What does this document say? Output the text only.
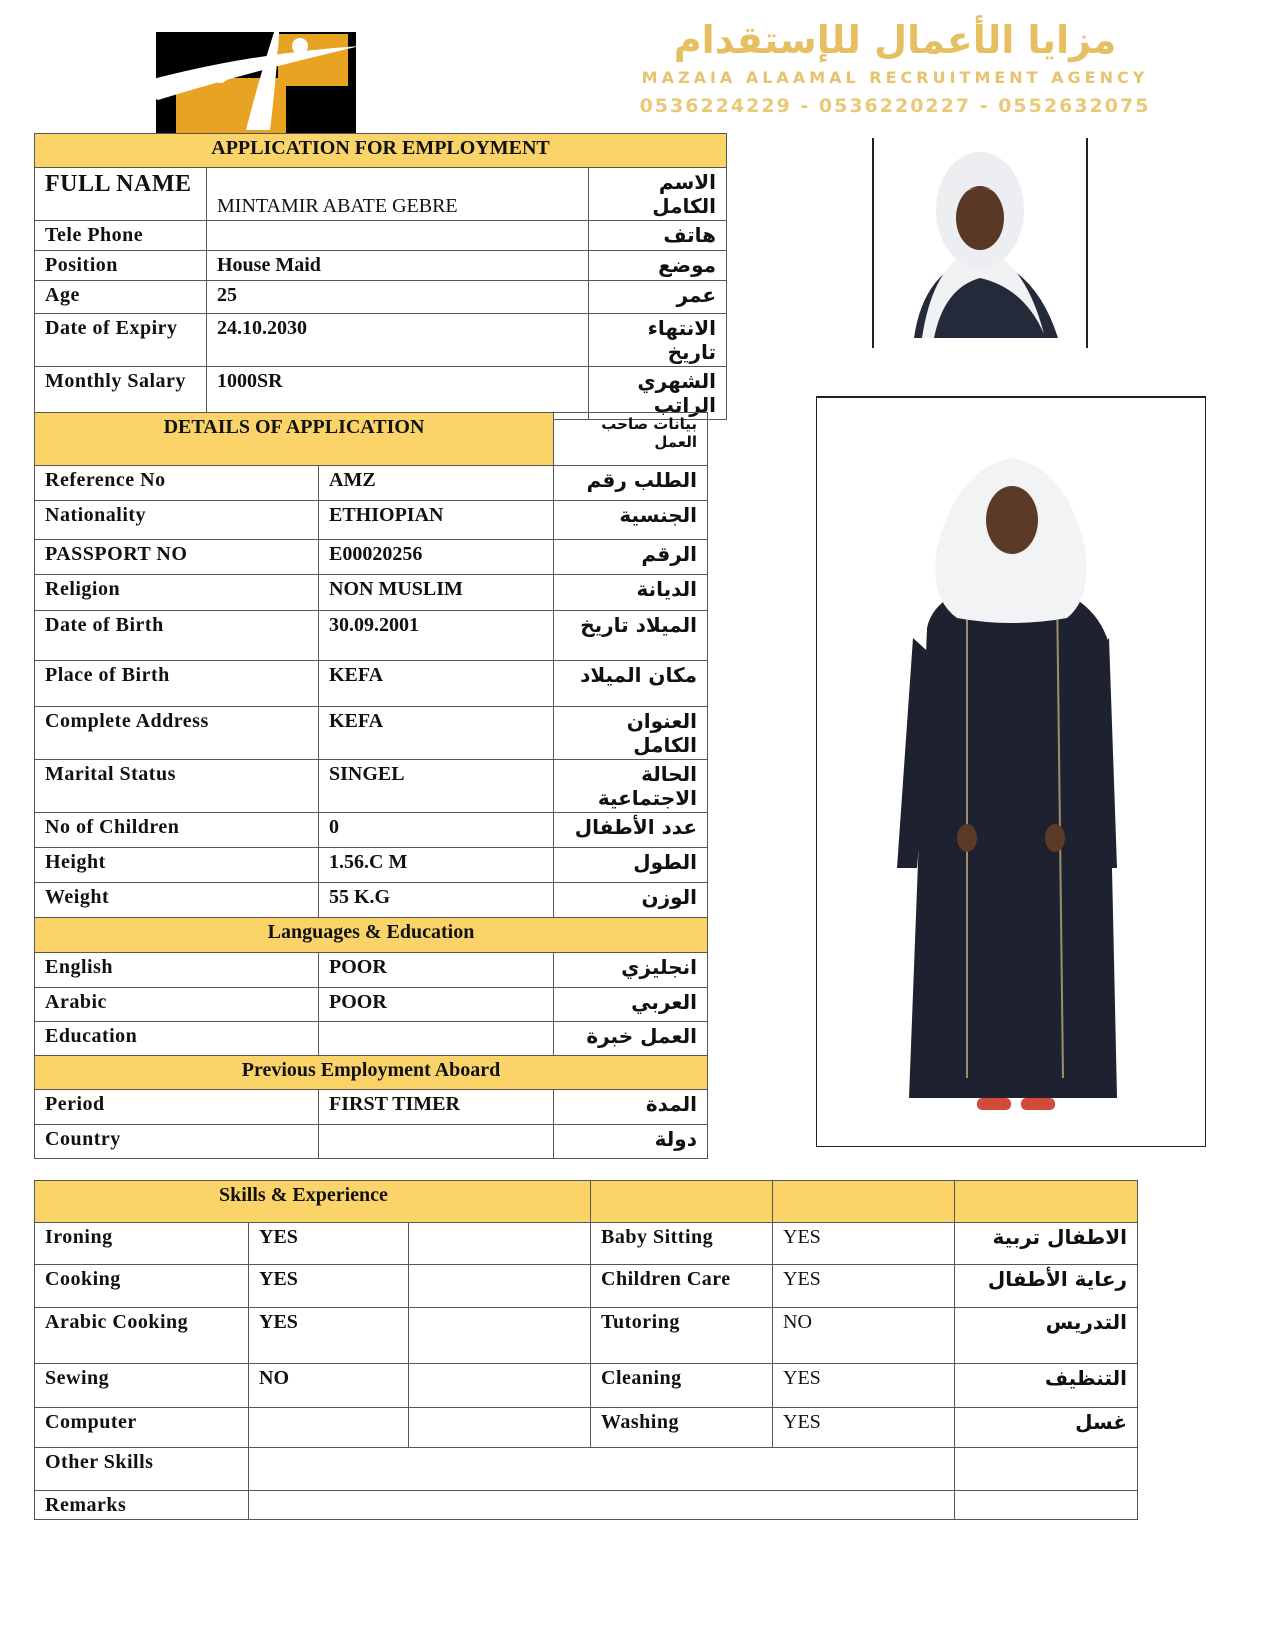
مزايا الأعمال للإستقدام
MAZAIA ALAAMAL RECRUITMENT AGENCY
0536224229 - 0536220227 - 0552632075
APPLICATION FOR EMPLOYMENT		
FULL NAME	MINTAMIR ABATE GEBRE	الاسم الكامل
Tele Phone		هاتف
Position	House Maid	موضع
Age	25	عمر
Date of Expiry	24.10.2030	الانتهاء تاريخ
Monthly Salary	1000SR	الشهري الراتب
DETAILS OF APPLICATION		بيانات صاحب العمل
Reference No	AMZ	الطلب رقم
Nationality	ETHIOPIAN	الجنسية
PASSPORT NO	E00020256	الرقم
Religion	NON MUSLIM	الديانة
Date of Birth	30.09.2001	الميلاد تاريخ
Place of Birth	KEFA	مكان الميلاد
Complete Address	KEFA	العنوان الكامل
Marital Status	SINGEL	الحالة الاجتماعية
No of Children	0	عدد الأطفال
Height	1.56.C M	الطول
Weight	55 K.G	الوزن
Languages & Education		
English	POOR	انجليزي
Arabic	POOR	العربي
Education		العمل خبرة
Previous Employment Aboard		
Period	FIRST TIMER	المدة
Country		دولة
Skills & Experience					
Ironing	YES		Baby Sitting	YES	الاطفال تربية
Cooking	YES		Children Care	YES	رعاية الأطفال
Arabic Cooking	YES		Tutoring	NO	التدريس
Sewing	NO		Cleaning	YES	التنظيف
Computer			Washing	YES	غسل
Other Skills					
Remarks					
